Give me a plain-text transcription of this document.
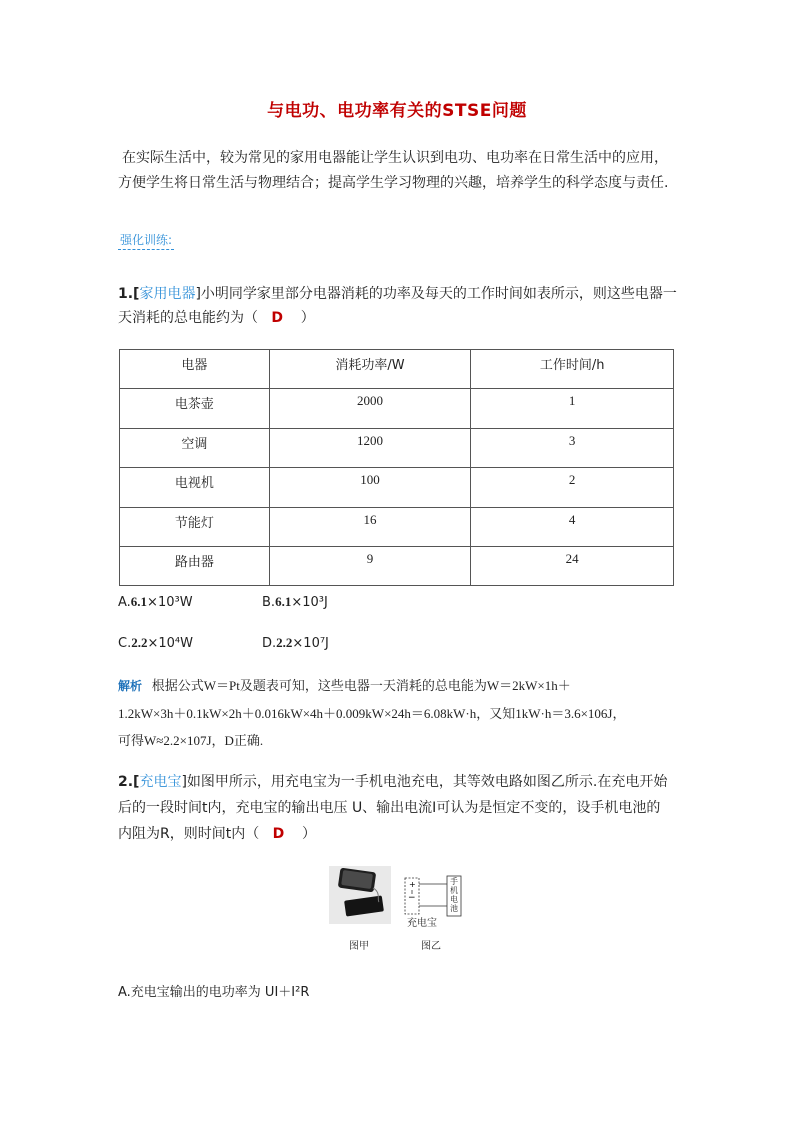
与电功、电功率有关的STSE问题
在实际生活中，较为常见的家用电器能让学生认识到电功、电功率在日常生活中的应用，
方便学生将日常生活与物理结合；提高学生学习物理的兴趣，培养学生的科学态度与责任.
强化训练:
1.[家用电器]小明同学家里部分电器消耗的功率及每天的工作时间如表所示，则这些电器一
天消耗的总电能约为（ D ）
电器	消耗功率/W	工作时间/h
电茶壶	2000	1
空调	1200	3
电视机	100	2
节能灯	16	4
路由器	9	24
A.6.1×10³W	B.6.1×10³J
C.2.2×10⁴W	D.2.2×10⁷J
解析 根据公式W＝Pt及题表可知，这些电器一天消耗的总电能为W＝2kW×1h＋
1.2kW×3h＋0.1kW×2h＋0.016kW×4h＋0.009kW×24h＝6.08kW·h，又知1kW·h＝3.6×106J，
可得W≈2.2×107J，D正确.
2.[充电宝]如图甲所示，用充电宝为一手机电池充电，其等效电路如图乙所示.在充电开始
后的一段时间t内，充电宝的输出电压 U、输出电流I可认为是恒定不变的，设手机电池的
内阻为R，则时间t内（ D ）
+
−
充电宝
手机电池
图甲	图乙
A.充电宝输出的电功率为 UI＋I²R
